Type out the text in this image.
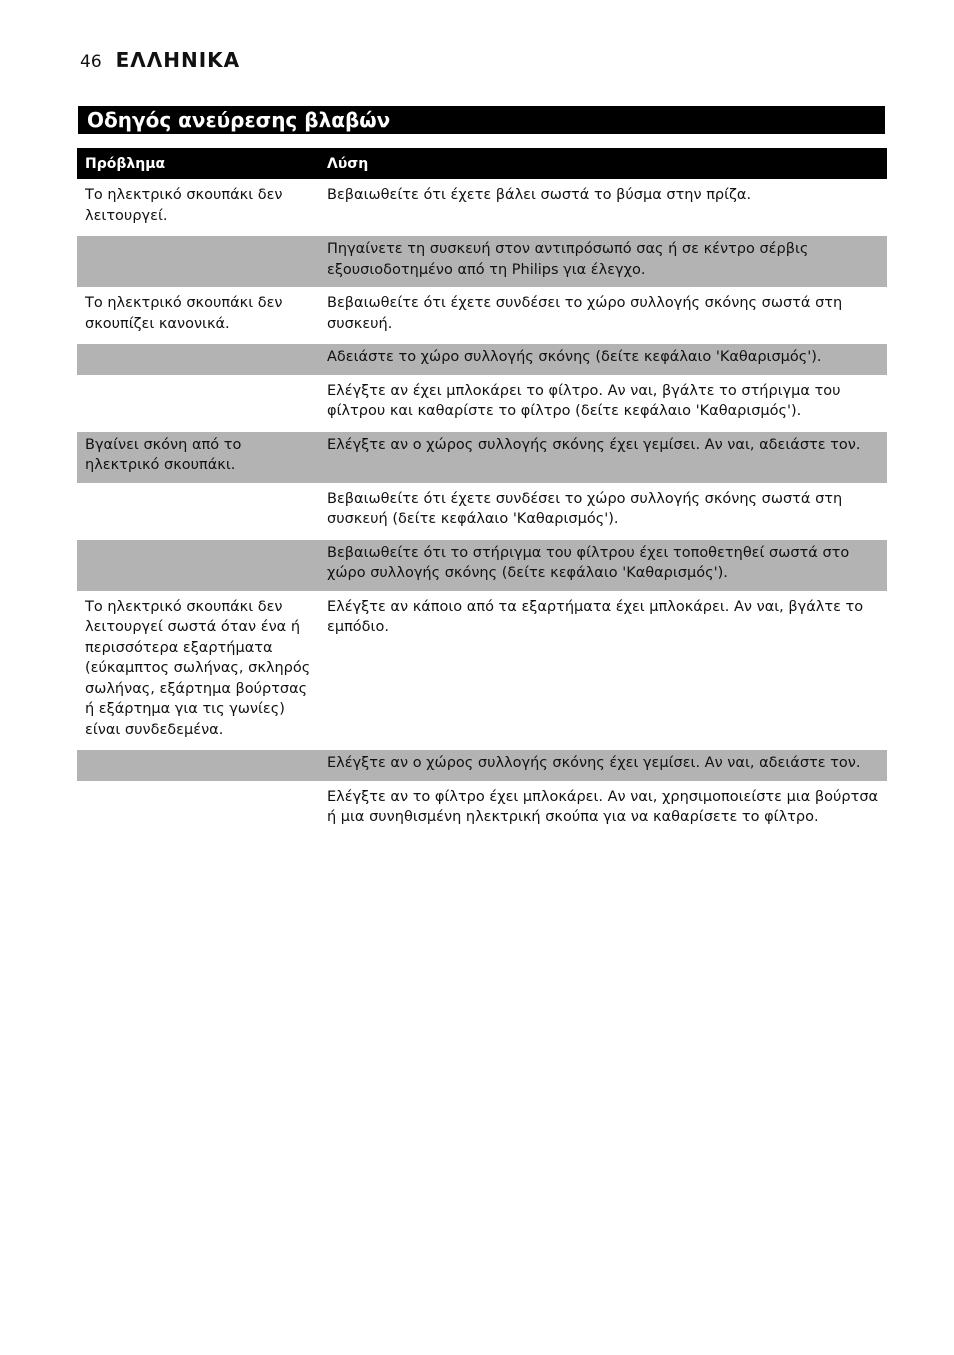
46 ΕΛΛΗΝΙΚΑ
Οδηγός ανεύρεσης βλαβών
Πρόβλημα	Λύση
Το ηλεκτρικό σκουπάκι δεν λειτουργεί.	Βεβαιωθείτε ότι έχετε βάλει σωστά το βύσμα στην πρίζα.
	Πηγαίνετε τη συσκευή στον αντιπρόσωπό σας ή σε κέντρο σέρβις εξουσιοδοτημένο από τη Philips για έλεγχο.
Το ηλεκτρικό σκουπάκι δεν σκουπίζει κανονικά.	Βεβαιωθείτε ότι έχετε συνδέσει το χώρο συλλογής σκόνης σωστά στη συσκευή.
	Αδειάστε το χώρο συλλογής σκόνης (δείτε κεφάλαιο 'Καθαρισμός').
	Ελέγξτε αν έχει μπλοκάρει το φίλτρο. Αν ναι, βγάλτε το στήριγμα του φίλτρου και καθαρίστε το φίλτρο (δείτε κεφάλαιο 'Καθαρισμός').
Βγαίνει σκόνη από το ηλεκτρικό σκουπάκι.	Ελέγξτε αν ο χώρος συλλογής σκόνης έχει γεμίσει. Αν ναι, αδειάστε τον.
	Βεβαιωθείτε ότι έχετε συνδέσει το χώρο συλλογής σκόνης σωστά στη συσκευή (δείτε κεφάλαιο 'Καθαρισμός').
	Βεβαιωθείτε ότι το στήριγμα του φίλτρου έχει τοποθετηθεί σωστά στο χώρο συλλογής σκόνης (δείτε κεφάλαιο 'Καθαρισμός').
Το ηλεκτρικό σκουπάκι δεν λειτουργεί σωστά όταν ένα ή περισσότερα εξαρτήματα (εύκαμπτος σωλήνας, σκληρός σωλήνας, εξάρτημα βούρτσας ή εξάρτημα για τις γωνίες) είναι συνδεδεμένα.	Ελέγξτε αν κάποιο από τα εξαρτήματα έχει μπλοκάρει. Αν ναι, βγάλτε το εμπόδιο.
	Ελέγξτε αν ο χώρος συλλογής σκόνης έχει γεμίσει. Αν ναι, αδειάστε τον.
	Ελέγξτε αν το φίλτρο έχει μπλοκάρει. Αν ναι, χρησιμοποιείστε μια βούρτσα ή μια συνηθισμένη ηλεκτρική σκούπα για να καθαρίσετε το φίλτρο.
